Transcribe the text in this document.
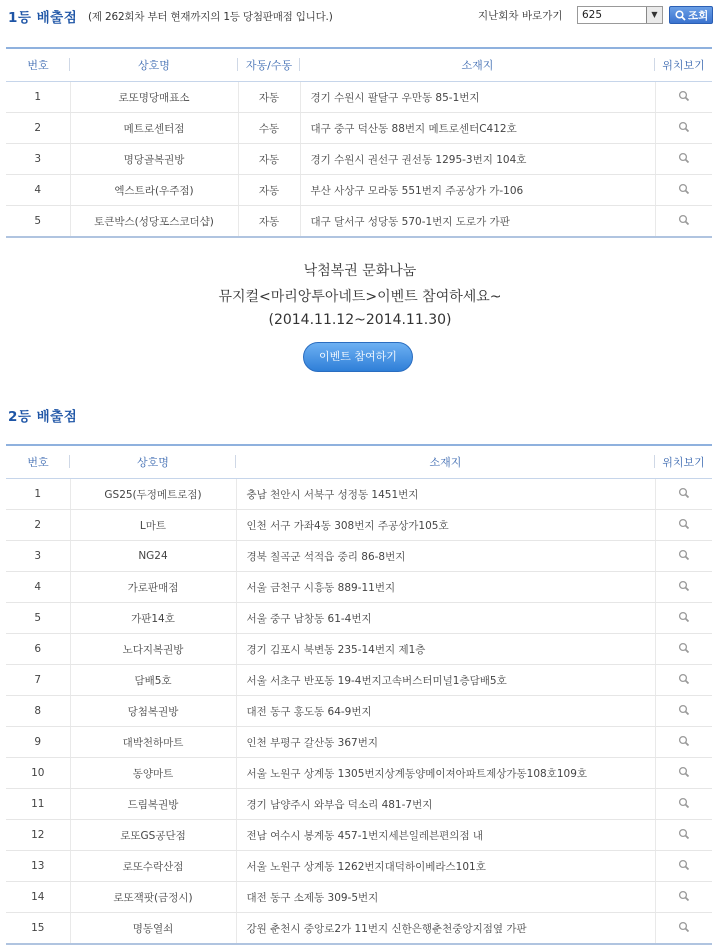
1등 배출점 (제 262회차 부터 현재까지의 1등 당첨판매점 입니다.)	지난회차 바로가기	625	▼	조회
번호	상호명	자동/수동	소재지	위치보기
1	로또명당매표소	자동	경기 수원시 팔달구 우만동 85-1번지	
2	메트로센터점	수동	대구 중구 덕산동 88번지 메트로센터C412호	
3	명당골복권방	자동	경기 수원시 권선구 권선동 1295-3번지 104호	
4	엑스트라(우주점)	자동	부산 사상구 모라동 551번지 주공상가 가-106	
5	토큰박스(성당포스코더샵)	자동	대구 달서구 성당동 570-1번지 도로가 가판	
낙첨복권 문화나눔
뮤지컬<마리앙투아네트>이벤트 참여하세요~
(2014.11.12~2014.11.30)
이벤트 참여하기
2등 배출점
번호	상호명	소재지	위치보기
1	GS25(두정메트로점)	충남 천안시 서북구 성정동 1451번지	
2	L마트	인천 서구 가좌4동 308번지 주공상가105호	
3	NG24	경북 칠곡군 석적읍 중리 86-8번지	
4	가로판매점	서울 금천구 시흥동 889-11번지	
5	가판14호	서울 중구 남창동 61-4번지	
6	노다지복권방	경기 김포시 북변동 235-14번지 제1층	
7	담배5호	서울 서초구 반포동 19-4번지고속버스터미널1층담배5호	
8	당첨복권방	대전 동구 홍도동 64-9번지	
9	대박천하마트	인천 부평구 갈산동 367번지	
10	동양마트	서울 노원구 상계동 1305번지상계동양메이져아파트제상가동108호109호	
11	드림복권방	경기 남양주시 와부읍 덕소리 481-7번지	
12	로또GS공단점	전남 여수시 봉계동 457-1번지세븐일레븐편의점 내	
13	로또수락산점	서울 노원구 상계동 1262번지대덕하이베라스101호	
14	로또잭팟(금정시)	대전 동구 소제동 309-5번지	
15	명동열쇠	강원 춘천시 중앙로2가 11번지 신한은행춘천중앙지점옆 가판	
